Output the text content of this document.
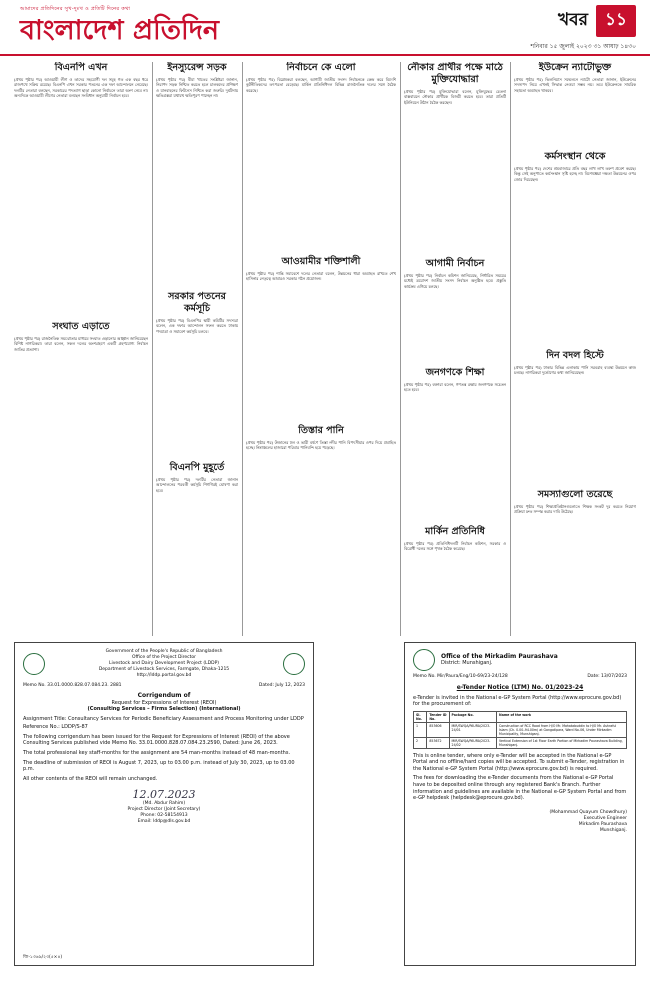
আমাদের প্রতিদিনের সুখ-দুঃখ ও প্রতিটি দিনের কথা
বাংলাদেশ প্রতিদিন	খবর ১১
শনিবার ১৫ জুলাই ২০২৩ ৩১ আষাঢ় ১৪৩০
বিএনপি এখন
(প্রথম পৃষ্ঠার পর) আওয়ামী লীগ ও তাদের সহযোগী দল সমূহ গত এক বছর ধরে রাজপথে সক্রিয় রয়েছে। বিএনপি এখন সরকার পতনের এক দফা আন্দোলনে নেমেছে। দলটির নেতারা বলছেন, সরকারের পদত্যাগ ছাড়া কোনো নির্বাচনে তারা অংশ নেবে না। অন্যদিকে আওয়ামী লীগের নেতারা বলছেন সংবিধান অনুযায়ী নির্বাচন হবে।
সংঘাত এড়াতে
(প্রথম পৃষ্ঠার পর) রাজনৈতিক সমঝোতার মাধ্যমে সংঘাত এড়ানোর আহ্বান জানিয়েছেন বিশিষ্ট নাগরিকরা। তারা বলেন, সকল দলের অংশগ্রহণে একটি গ্রহণযোগ্য নির্বাচন জাতির প্রত্যাশা।
ইনস্যুরেন্স সড়ক
(প্রথম পৃষ্ঠার পর) বীমা খাতের সংশ্লিষ্টরা জানান, নিরাপদ সড়ক নিশ্চিত করতে হলে চালকদের প্রশিক্ষণ ও যানবাহনের ফিটনেস নিশ্চিত করা জরুরি। দুর্ঘটনায় ক্ষতিগ্রস্তরা যথাযথ ক্ষতিপূরণ পাচ্ছেন না।
সরকার পতনের কর্মসূচি
(প্রথম পৃষ্ঠার পর) বিএনপির স্থায়ী কমিটির সদস্যরা বলেন, এক দফার আন্দোলন সফল করতে ঢাকায় পদযাত্রা ও সমাবেশ কর্মসূচি চলবে।
বিএনপি মুহূর্তে
(প্রথম পৃষ্ঠার পর) দলটির নেতারা জানান আন্দোলনের পরবর্তী কর্মসূচি শিগগিরই ঘোষণা করা হবে।
নির্বাচনে কে এলো
(প্রথম পৃষ্ঠার পর) বিশ্লেষকরা বলছেন, আগামী জাতীয় সংসদ নির্বাচনকে কেন্দ্র করে বিদেশি কূটনীতিকদের তৎপরতা বেড়েছে। মার্কিন প্রতিনিধিদল বিভিন্ন রাজনৈতিক দলের সঙ্গে বৈঠক করেছে।
আওয়ামীর শক্তিশালী
(প্রথম পৃষ্ঠার পর) শান্তি সমাবেশে দলের নেতারা বলেন, উন্নয়নের ধারা অব্যাহত রাখতে শেখ হাসিনার নেতৃত্বে আবারও সরকার গঠন প্রয়োজন।
তিস্তার পানি
(প্রথম পৃষ্ঠার পর) উজানের ঢল ও ভারী বর্ষণে তিস্তা নদীর পানি বিপৎসীমার ওপর দিয়ে প্রবাহিত হচ্ছে। নিম্নাঞ্চলের হাজারো পরিবার পানিবন্দি হয়ে পড়েছে।
নৌকার প্রার্থীর পক্ষে মাঠে মুক্তিযোদ্ধারা
(প্রথম পৃষ্ঠার পর) মুক্তিযোদ্ধারা বলেন, মুক্তিযুদ্ধের চেতনা বাস্তবায়নে নৌকার প্রার্থীকে বিজয়ী করতে হবে। তারা প্রতিটি ইউনিয়নে উঠান বৈঠক করছেন।
আগামী নির্বাচন
(প্রথম পৃষ্ঠার পর) নির্বাচন কমিশন জানিয়েছে, নির্ধারিত সময়ের মধ্যেই ত্রয়োদশ জাতীয় সংসদ নির্বাচন অনুষ্ঠিত হবে। প্রস্তুতি কার্যক্রম এগিয়ে চলছে।
জনগণকে শিক্ষা
(প্রথম পৃষ্ঠার পর) বক্তারা বলেন, গণতন্ত্র রক্ষায় জনগণকে সচেতন হতে হবে।
মার্কিন প্রতিনিধি
(প্রথম পৃষ্ঠার পর) প্রতিনিধিদলটি নির্বাচন কমিশন, সরকার ও বিরোধী দলের সঙ্গে পৃথক বৈঠক করেছে।
ইউক্রেন ন্যাটোভুক্ত
(প্রথম পৃষ্ঠার পর) ভিলনিয়াস সম্মেলনে ন্যাটো নেতারা জানান, ইউক্রেনের সদস্যপদ নিয়ে এখনই সিদ্ধান্ত নেওয়া সম্ভব নয়। তবে ইউক্রেনকে সামরিক সহায়তা অব্যাহত থাকবে।
কর্মসংস্থান থেকে
(প্রথম পৃষ্ঠার পর) দেশের শ্রমবাজারে প্রতি বছর লাখ লাখ তরুণ প্রবেশ করছে। কিন্তু সেই অনুপাতে কর্মসংস্থান সৃষ্টি হচ্ছে না। বিশেষজ্ঞরা দক্ষতা উন্নয়নের ওপর জোর দিয়েছেন।
দিন বদল হিস্টে
(প্রথম পৃষ্ঠার পর) ঢাকার বিভিন্ন এলাকায় পানি সরবরাহ ব্যবস্থা উন্নয়নে কাজ চলছে। নাগরিকরা দুর্ভোগের কথা জানিয়েছেন।
সমস্যাগুলো তরেছে
(প্রথম পৃষ্ঠার পর) শিক্ষাপ্রতিষ্ঠানগুলোতে শিক্ষক সংকট দূর করতে নিয়োগ প্রক্রিয়া দ্রুত সম্পন্ন করার দাবি উঠেছে।
Government of the People's Republic of Bangladesh
Office of the Project Director
Livestock and Dairy Development Project (LDDP)
Department of Livestock Services, Farmgate, Dhaka-1215
http://lddp.portal.gov.bd
Memo No. 33.01.0000.828.07.084.23. 2881	Dated: July 12, 2023
Corrigendum of
Request for Expressions of Interest (REOI)
(Consulting Services – Firms Selection) (International)
Assignment Title: Consultancy Services for Periodic Beneficiary Assessment and Process Monitoring under LDDP
Reference No.: LDDP/S-87
The following corrigendum has been issued for the Request for Expressions of Interest (REOI) of the above Consulting Services published vide Memo No. 33.01.0000.828.07.084.23.2590, Dated: June 26, 2023.
The total professional key staff-months for the assignment are 54 man-months instead of 48 man-months.
The deadline of submission of REOI is August 7, 2023, up to 03.00 p.m. instead of July 30, 2023, up to 03.00 p.m.
All other contents of the REOI will remain unchanged.
12.07.2023
(Md. Abdur Rahim)
Project Director (Joint Secretary)
Phone: 02-58154913
Email: lddp@dls.gov.bd
জি-১৩৬৯/২৩(৫×৪)
Office of the Mirkadim Paurashava
District: Munshiganj.
Memo No. Mir/Paura/Eng/10-69/23-24/128	Date: 13/07/2023
e-Tender Notice (LTM) No. 01/2023-24
e-Tender is invited in the National e-GP System Portal (http://www.eprocure.gov.bd) for the procurement of:
Sl. No.	Tender ID No.	Package No.	Name of the work
1	853606	MIR/SWQA/PAURA/2023-24/01	Construction of RCC Road from H/O Mr. Mahatabuddin to H/O Mr. Ashraful Islam (Ch. 0.00–94.00m) at Gangatipara, Ward No-06, Under Mirkadim Municipality, Munshiganj.
2	853672	MIR/SWQA/PAURA/2023-24/02	Vertical Extension of 1st Floor Earth Portion of Mirkadim Paurashava Building, Munshiganj.
This is online tender, where only e-Tender will be accepted in the National e-GP Portal and no offline/hard copies will be accepted. To submit e-Tender, registration in the National e-GP System Portal (http://www.eprocure.gov.bd) is required.
The fees for downloading the e-Tender documents from the National e-GP Portal have to be deposited online through any registered Bank's Branch. Further information and guidelines are available in the National e-GP System Portal and from e-GP helpdesk (helpdesk@eprocure.gov.bd).
(Mohammad Quayum Chowdhury)
Executive Engineer
Mirkadim Paurashava
Munshiganj.
